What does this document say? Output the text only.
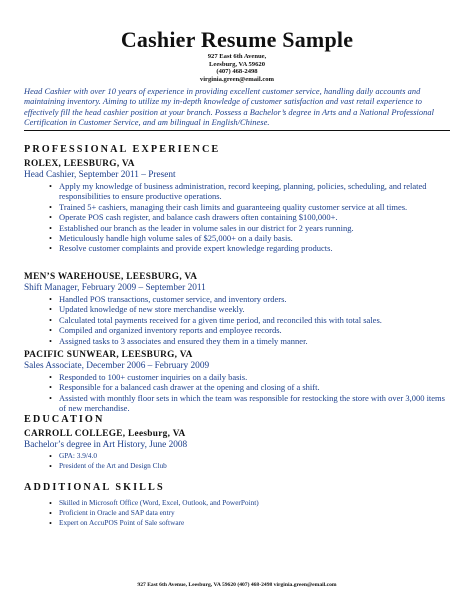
Cashier Resume Sample
927 East 6th Avenue,
Leesburg, VA 59620
(407) 468-2498
virginia.green@email.com
Head Cashier with over 10 years of experience in providing excellent customer service, handling daily accounts and maintaining inventory. Aiming to utilize my in-depth knowledge of customer satisfaction and vast retail experience to effectively fill the head cashier position at your branch. Possess a Bachelor’s degree in Arts and a National Professional Certification in Customer Service, and am bilingual in English/Chinese.
PROFESSIONAL EXPERIENCE
ROLEX, LEESBURG, VA
Head Cashier, September 2011 – Present
• Apply my knowledge of business administration, record keeping, planning, policies, scheduling, and related responsibilities to ensure productive operations.
• Trained 5+ cashiers, managing their cash limits and guaranteeing quality customer service at all times.
• Operate POS cash register, and balance cash drawers often containing $100,000+.
• Established our branch as the leader in volume sales in our district for 2 years running.
• Meticulously handle high volume sales of $25,000+ on a daily basis.
• Resolve customer complaints and provide expert knowledge regarding products.
MEN’S WAREHOUSE, LEESBURG, VA
Shift Manager, February 2009 – September 2011
• Handled POS transactions, customer service, and inventory orders.
• Updated knowledge of new store merchandise weekly.
• Calculated total payments received for a given time period, and reconciled this with total sales.
• Compiled and organized inventory reports and employee records.
• Assigned tasks to 3 associates and ensured they them in a timely manner.
PACIFIC SUNWEAR, LEESBURG, VA
Sales Associate, December 2006 – February 2009
• Responded to 100+ customer inquiries on a daily basis.
• Responsible for a balanced cash drawer at the opening and closing of a shift.
• Assisted with monthly floor sets in which the team was responsible for restocking the store with over 3,000 items of new merchandise.
EDUCATION
CARROLL COLLEGE, Leesburg, VA
Bachelor’s degree in Art History, June 2008
• GPA: 3.9/4.0
• President of the Art and Design Club
ADDITIONAL SKILLS
• Skilled in Microsoft Office (Word, Excel, Outlook, and PowerPoint)
• Proficient in Oracle and SAP data entry
• Expert on AccuPOS Point of Sale software
927 East 6th Avenue, Leesburg, VA 59620 (407) 468-2498 virginia.green@email.com
